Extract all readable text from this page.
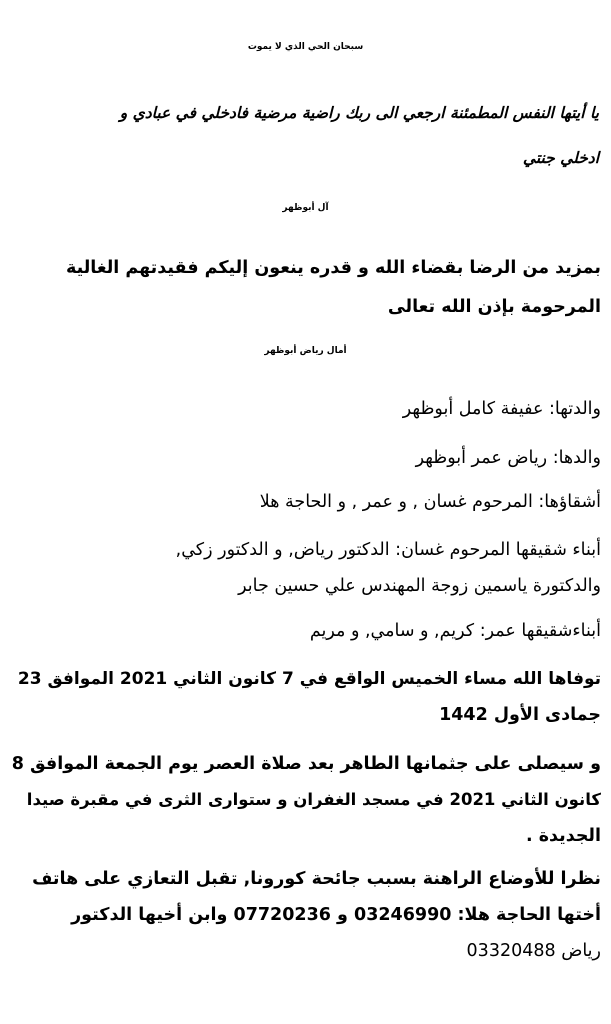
سبحان الحي الذي لا يموت

يا أيتها النفس المطمئنة ارجعي الى ربك راضية مرضية فادخلي في عبادي و

ادخلي جنتي

آل أبوظهر

بمزيد من الرضا بقضاء الله و قدره ينعون إليكم فقيدتهم الغالية

المرحومة بإذن الله تعالى

أمال رياض أبوظهر

والدتها: عفيفة كامل أبوظهر

والدها: رياض عمر أبوظهر

أشقاؤها: المرحوم غسان , و عمر , و الحاجة هلا

أبناء شقيقها المرحوم غسان: الدكتور رياض, و الدكتور زكي,

والدكتورة ياسمين زوجة المهندس علي حسين جابر

أبناءشقيقها عمر: كريم, و سامي, و مريم

توفاها الله مساء الخميس الواقع في 7 كانون الثاني 2021 الموافق 23

جمادى الأول 1442

و سيصلى على جثمانها الطاهر بعد صلاة العصر يوم الجمعة الموافق 8

كانون الثاني 2021 في مسجد الغفران و ستوارى الثرى في مقبرة صيدا

الجديدة .

نظرا للأوضاع الراهنة بسبب جائحة كورونا, تقبل التعازي على هاتف

أختها الحاجة هلا: 03246990 و 07720236 وابن أخيها الدكتور

رياض 03320488
